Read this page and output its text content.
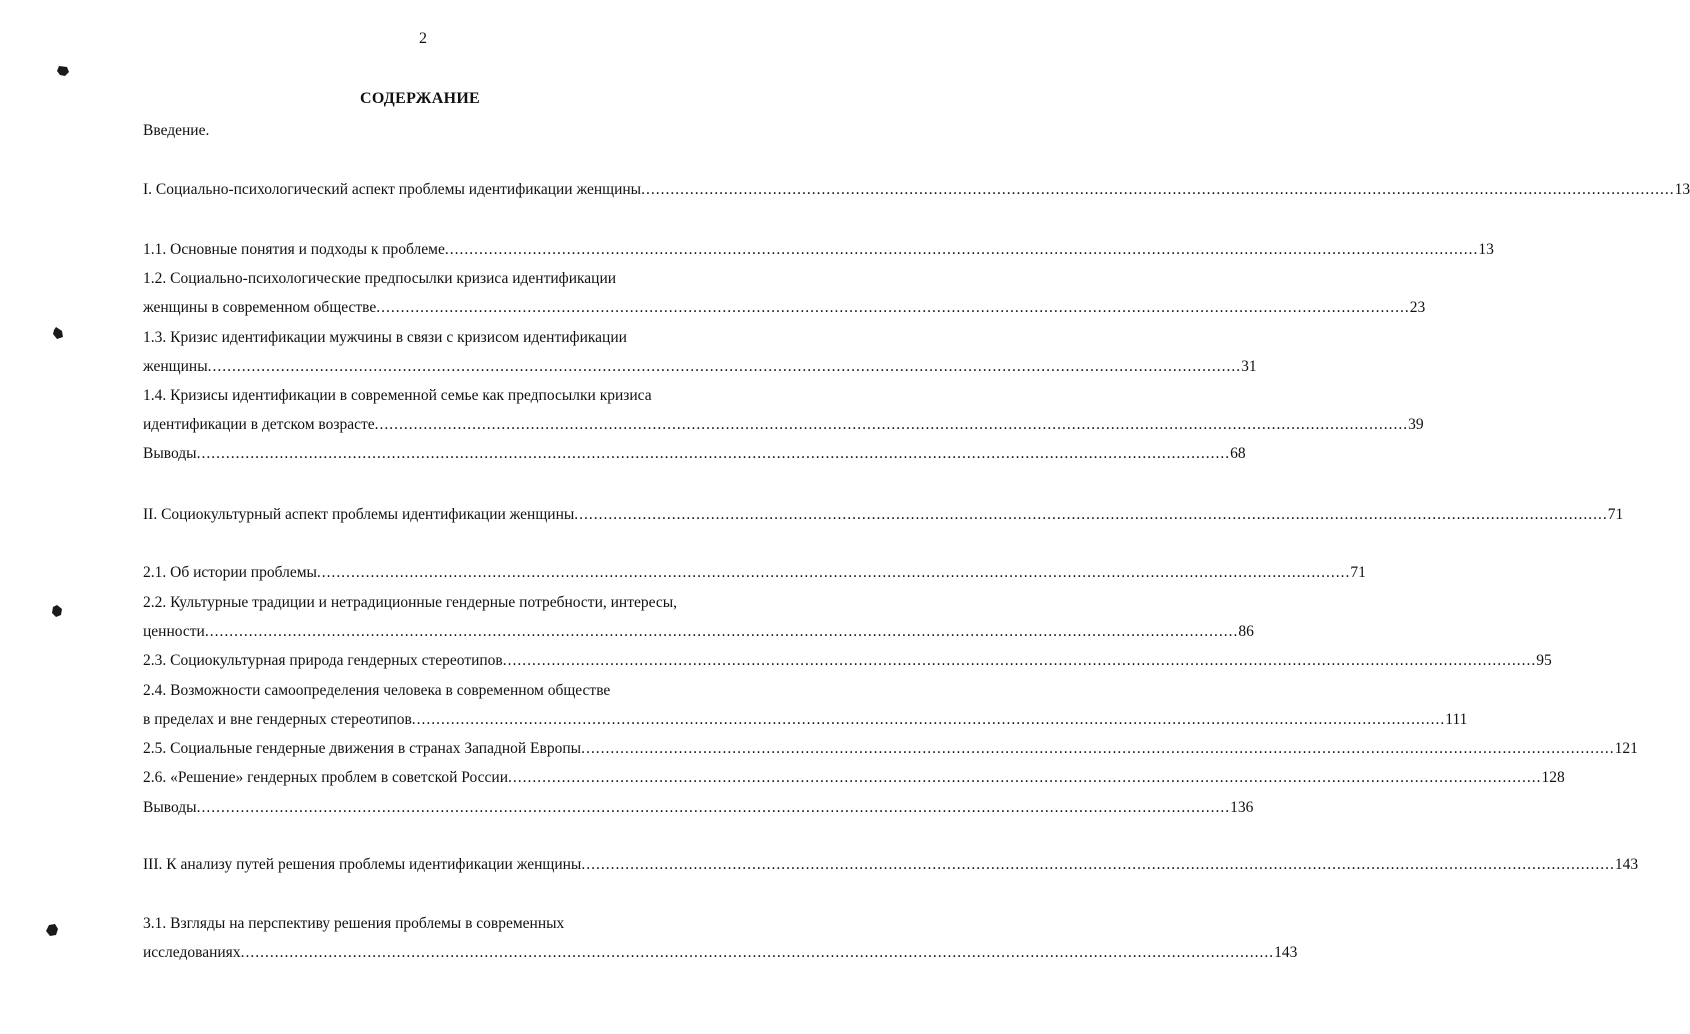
2
СОДЕРЖАНИЕ
Введение.
I. Социально-психологический аспект проблемы идентификации женщины .................................................................................................................................................................................................................... 13
1.1. Основные понятия и подходы к проблеме .................................................................................................................................................................................................................... 13
1.2. Социально-психологические предпосылки кризиса идентификации
женщины в современном обществе .................................................................................................................................................................................................................... 23
1.3. Кризис идентификации мужчины в связи с кризисом идентификации
женщины .................................................................................................................................................................................................................... 31
1.4. Кризисы идентификации в современной семье как предпосылки кризиса
идентификации в детском возрасте .................................................................................................................................................................................................................... 39
Выводы .................................................................................................................................................................................................................... 68
II. Социокультурный аспект проблемы идентификации женщины .................................................................................................................................................................................................................... 71
2.1. Об истории проблемы .................................................................................................................................................................................................................... 71
2.2. Культурные традиции и нетрадиционные гендерные потребности, интересы,
ценности .................................................................................................................................................................................................................... 86
2.3. Социокультурная природа гендерных стереотипов .................................................................................................................................................................................................................... 95
2.4. Возможности самоопределения человека в современном обществе
в пределах и вне гендерных стереотипов .................................................................................................................................................................................................................... 111
2.5. Социальные гендерные движения в странах Западной Европы .................................................................................................................................................................................................................... 121
2.6. «Решение» гендерных проблем в советской России .................................................................................................................................................................................................................... 128
Выводы .................................................................................................................................................................................................................... 136
III. К анализу путей решения проблемы идентификации женщины .................................................................................................................................................................................................................... 143
3.1. Взгляды на перспективу решения проблемы в современных
исследованиях .................................................................................................................................................................................................................... 143
